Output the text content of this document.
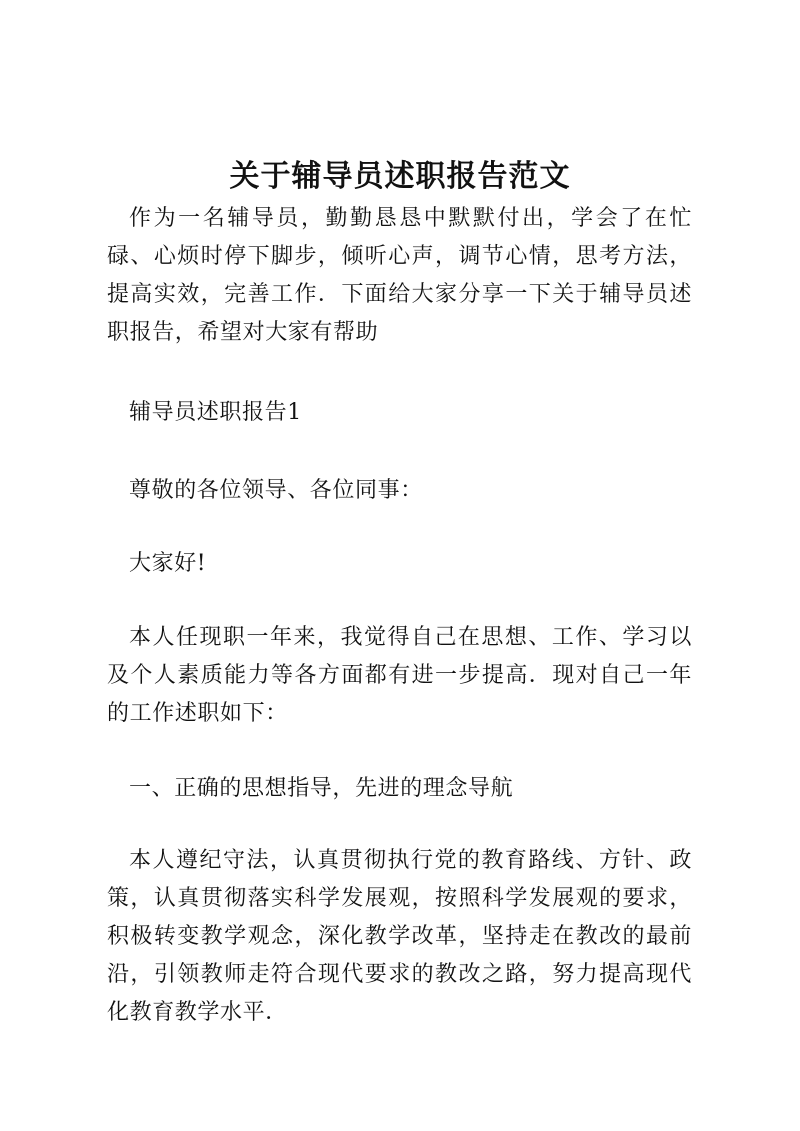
关于辅导员述职报告范文

作为一名辅导员，勤勤恳恳中默默付出，学会了在忙碌、心烦时停下脚步，倾听心声，调节心情，思考方法，提高实效，完善工作．下面给大家分享一下关于辅导员述职报告，希望对大家有帮助

辅导员述职报告1

尊敬的各位领导、各位同事：

大家好!

本人任现职一年来，我觉得自己在思想、工作、学习以及个人素质能力等各方面都有进一步提高．现对自己一年的工作述职如下：

一、正确的思想指导，先进的理念导航

本人遵纪守法，认真贯彻执行党的教育路线、方针、政策，认真贯彻落实科学发展观，按照科学发展观的要求，积极转变教学观念，深化教学改革，坚持走在教改的最前沿，引领教师走符合现代要求的教改之路，努力提高现代化教育教学水平．
